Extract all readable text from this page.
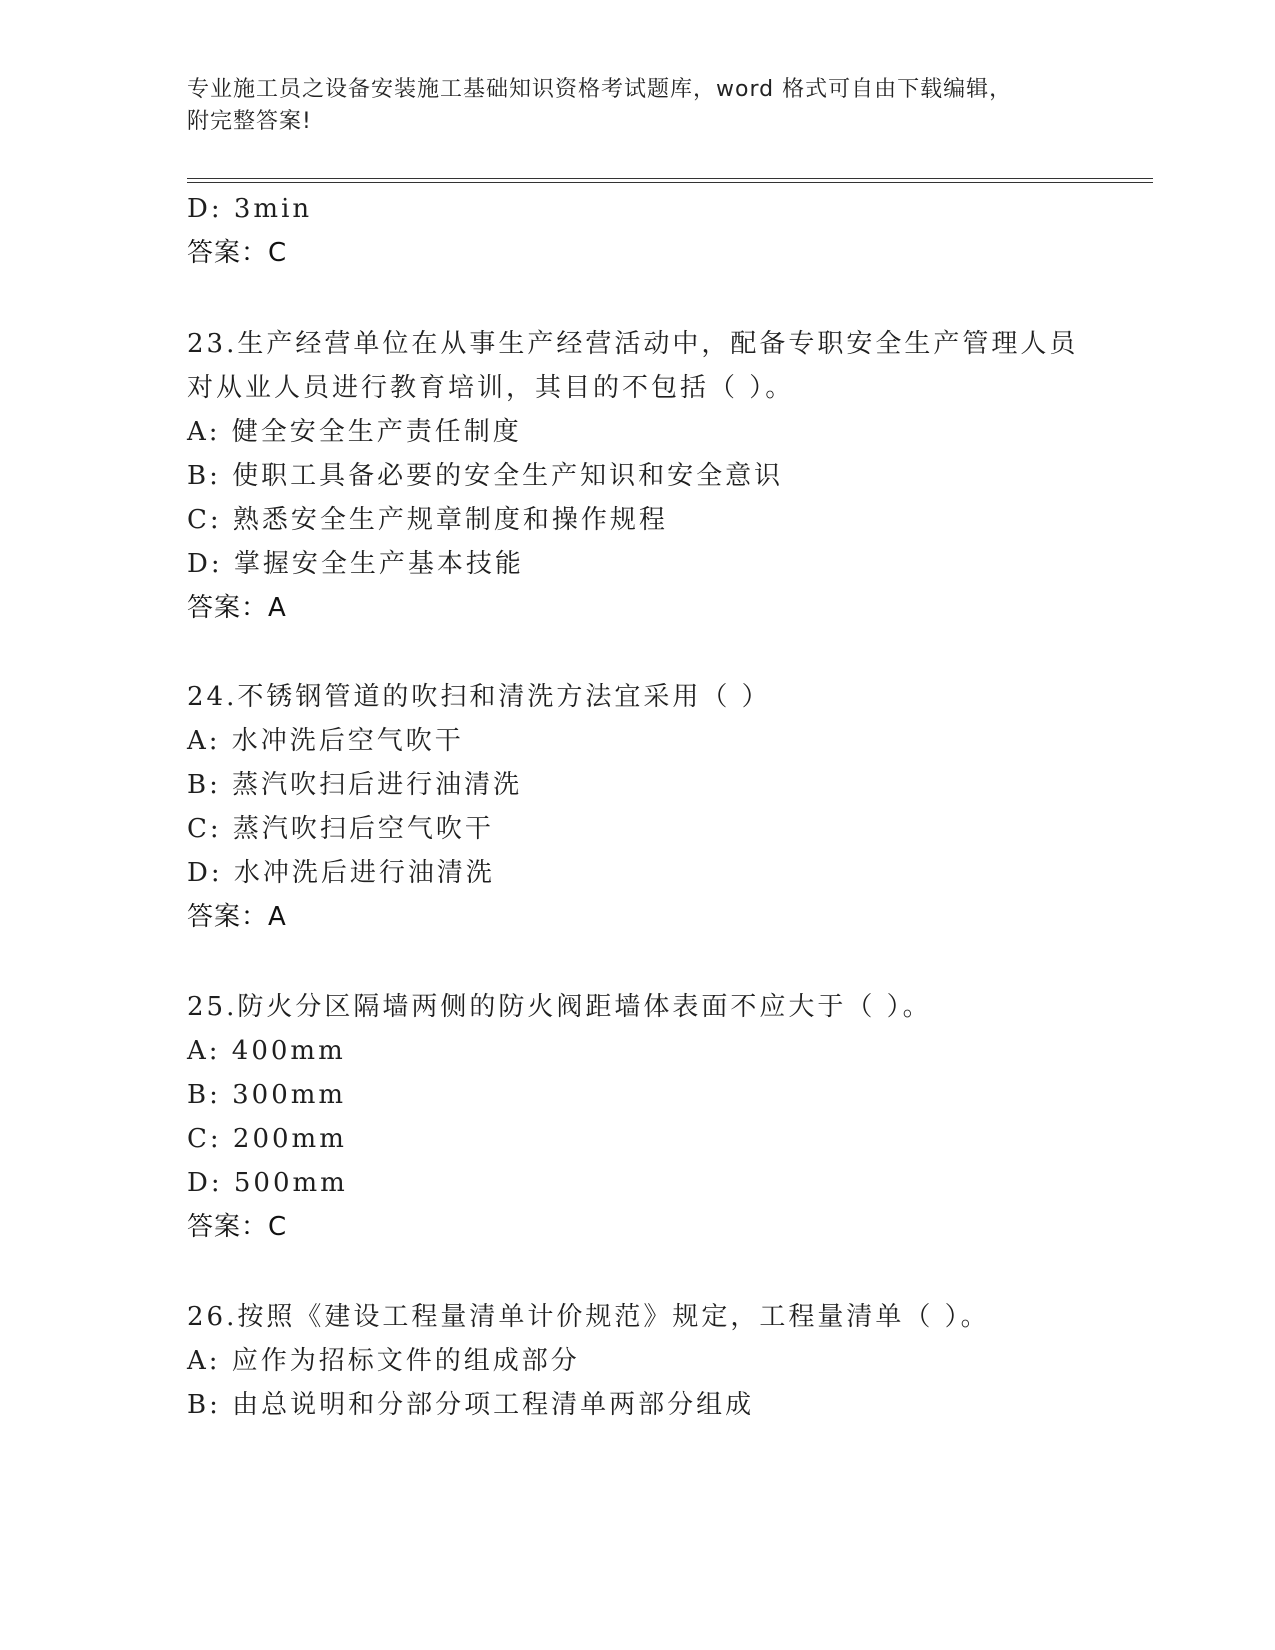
专业施工员之设备安装施工基础知识资格考试题库，word 格式可自由下载编辑，
附完整答案!
D: 3min
答案：C
23.生产经营单位在从事生产经营活动中，配备专职安全生产管理人员
对从业人员进行教育培训，其目的不包括（ ）。
A: 健全安全生产责任制度
B: 使职工具备必要的安全生产知识和安全意识
C: 熟悉安全生产规章制度和操作规程
D: 掌握安全生产基本技能
答案：A
24.不锈钢管道的吹扫和清洗方法宜采用（ ）
A: 水冲洗后空气吹干
B: 蒸汽吹扫后进行油清洗
C: 蒸汽吹扫后空气吹干
D: 水冲洗后进行油清洗
答案：A
25.防火分区隔墙两侧的防火阀距墙体表面不应大于（ ）。
A: 400mm
B: 300mm
C: 200mm
D: 500mm
答案：C
26.按照《建设工程量清单计价规范》规定，工程量清单（ ）。
A: 应作为招标文件的组成部分
B: 由总说明和分部分项工程清单两部分组成
